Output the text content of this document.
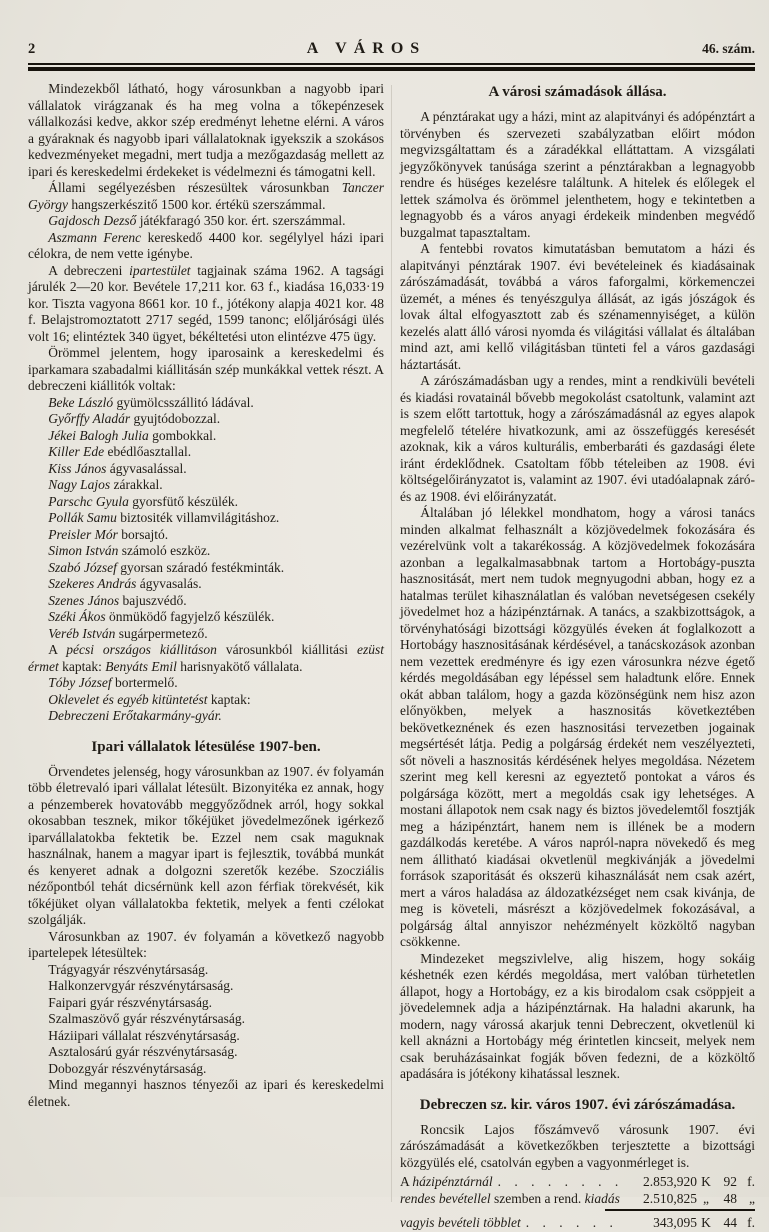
2	A VÁROS	46. szám.

Mindezekből látható, hogy városunkban a nagyobb ipari vállalatok virágzanak és ha meg volna a tőkepénzesek vállalkozási kedve, akkor szép eredményt lehetne elérni. A város a gyáraknak és nagyobb ipari vállalatoknak igyekszik a szokásos kedvezményeket megadni, mert tudja a mezőgazdaság mellett az ipari és kereskedelmi érdekeket is védelmezni és támogatni kell.

Állami segélyezésben részesültek városunkban Tanczer György hangszerkészitő 1500 kor. értékü szerszámmal.

Gajdosch Dezső játékfaragó 350 kor. ért. szerszámmal.

Aszmann Ferenc kereskedő 4400 kor. segélylyel házi ipari célokra, de nem vette igénybe.

A debreczeni ipartestület tagjainak száma 1962. A tagsági járulék 2—20 kor. Bevétele 17,211 kor. 63 f., kiadása 16,033·19 kor. Tiszta vagyona 8661 kor. 10 f., jótékony alapja 4021 kor. 48 f. Belajstromoztatott 2717 segéd, 1599 tanonc; előljárósági ülés volt 16; elintéztek 340 ügyet, békéltetési uton elintézve 475 ügy.

Örömmel jelentem, hogy iparosaink a kereskedelmi és iparkamara szabadalmi kiállitásán szép munkákkal vettek részt. A debreczeni kiállitók voltak:

Beke László gyümölcsszállitó ládával.
Győrffy Aladár gyujtódobozzal.
Jékei Balogh Julia gombokkal.
Killer Ede ebédlőasztallal.
Kiss János ágyvasalással.
Nagy Lajos zárakkal.
Parschc Gyula gyorsfütő készülék.
Pollák Samu biztositék villamvilágitáshoz.
Preisler Mór borsajtó.
Simon István számoló eszköz.
Szabó József gyorsan száradó festékminták.
Szekeres András ágyvasalás.
Szenes János bajuszvédő.
Széki Ákos önmüködő fagyjelző készülék.
Veréb István sugárpermetező.

A pécsi országos kiállitáson városunkból kiállitási ezüst érmet kaptak: Benyáts Emil harisnyakötő vállalata.

Tóby József bortermelő.

Oklevelet és egyéb kitüntetést kaptak:

Debreczeni Erőtakarmány-gyár.

Ipari vállalatok létesülése 1907-ben.

Örvendetes jelenség, hogy városunkban az 1907. év folyamán több életrevaló ipari vállalat létesült. Bizonyitéka ez annak, hogy a pénzemberek hovatovább meggyőződnek arról, hogy sokkal okosabban tesznek, mikor tőkéjüket jövedelmezőnek igérkező iparvállalatokba fektetik be. Ezzel nem csak maguknak használnak, hanem a magyar ipart is fejlesztik, továbbá munkát és kenyeret adnak a dolgozni szeretők kezébe. Szocziális nézőpontból tehát dicsérnünk kell azon férfiak törekvését, kik tőkéjüket olyan vállalatokba fektetik, melyek a fenti czélokat szolgálják.

Városunkban az 1907. év folyamán a következő nagyobb ipartelepek létesültek:

Trágyagyár részvénytársaság.
Halkonzervgyár részvénytársaság.
Faipari gyár részvénytársaság.
Szalmaszövő gyár részvénytársaság.
Háziipari vállalat részvénytársaság.
Asztalosárú gyár részvénytársaság.
Dobozgyár részvénytársaság.

Mind megannyi hasznos tényezői az ipari és kereskedelmi életnek.

A városi számadások állása.

A pénztárakat ugy a házi, mint az alapitványi és adópénztárt a törvényben és szervezeti szabályzatban előirt módon megvizsgáltattam és a záradékkal elláttattam. A vizsgálati jegyzőkönyvek tanúsága szerint a pénztárakban a legnagyobb rendre és hüséges kezelésre találtunk. A hitelek és előlegek el lettek számolva és örömmel jelenthetem, hogy e tekintetben a legnagyobb és a város anyagi érdekeik mindenben megvédő buzgalmat tapasztaltam.

A fentebbi rovatos kimutatásban bemutatom a házi és alapitványi pénztárak 1907. évi bevételeinek és kiadásainak zárószámadását, továbbá a város faforgalmi, körkemenczei üzemét, a ménes és tenyészgulya állását, az igás jószágok és lovak által elfogyasztott zab és szénamennyiséget, a külön kezelés alatt álló városi nyomda és világitási vállalat és általában mind azt, ami kellő világitásban tünteti fel a város gazdasági háztartását.

A zárószámadásban ugy a rendes, mint a rendkivüli bevételi és kiadási rovatainál bővebb megokolást csatoltunk, valamint azt is szem előtt tartottuk, hogy a zárószámadásnál az egyes alapok megfelelő tételére hivatkozunk, ami az összefüggés keresését azoknak, kik a város kulturális, emberbaráti és gazdasági élete iránt érdeklődnek. Csatoltam főbb tételeiben az 1908. évi költségelőirányzatot is, valamint az 1907. évi utadóalapnak záró- és az 1908. évi előirányzatát.

Általában jó lélekkel mondhatom, hogy a városi tanács minden alkalmat felhasznált a közjövedelmek fokozására és vezérelvünk volt a takarékosság. A közjövedelmek fokozására azonban a legalkalmasabbnak tartom a Hortobágy-puszta hasznositását, mert nem tudok megnyugodni abban, hogy ez a hatalmas terület kihasználatlan és valóban nevetségesen csekély jövedelmet hoz a házipénztárnak. A tanács, a szakbizottságok, a törvényhatósági bizottsági közgyülés éveken át foglalkozott a Hortobágy hasznositásának kérdésével, a tanácskozások azonban nem vezettek eredményre és igy ezen városunkra nézve égető kérdés megoldásában egy lépéssel sem haladtunk előre. Ennek okát abban találom, hogy a gazda közönségünk nem hisz azon előnyökben, melyek a hasznositás következtében bekövetkeznének és ezen hasznositási tervezetben jogainak megsértését látja. Pedig a polgárság érdekét nem veszélyezteti, sőt növeli a hasznositás kérdésének helyes megoldása. Nézetem szerint meg kell keresni az egyeztető pontokat a város és polgársága között, mert a megoldás csak igy lehetséges. A mostani állapotok nem csak nagy és biztos jövedelemtől fosztják meg a házipénztárt, hanem nem is illének be a modern gazdálkodás keretébe. A város napról-napra növekedő és meg nem állitható kiadásai okvetlenül megkivánják a jövedelmi források szaporitását és okszerü kihasználását nem csak azért, mert a város haladása az áldozatkézséget nem csak kivánja, de meg is követeli, másrészt a közjövedelmek fokozásával, a polgárság által annyiszor nehézményelt közköltő nagyban csökkenne.

Mindezeket megszivlelve, alig hiszem, hogy sokáig késhetnék ezen kérdés megoldása, mert valóban türhetetlen állapot, hogy a Hortobágy, ez a kis birodalom csak csöppjeit a jövedelemnek adja a házipénztárnak. Ha haladni akarunk, ha modern, nagy várossá akarjuk tenni Debreczent, okvetlenül ki kell aknázni a Hortobágy még érintetlen kincseit, melyek nem csak beruházásainkat fogják bőven fedezni, de a közköltő apadására is jótékony kihatással lesznek.

Debreczen sz. kir. város 1907. évi zárószámadása.

Roncsik Lajos főszámvevő városunk 1907. évi zárószámadását a következőkben terjesztette a bizottsági közgyülés elé, csatolván egyben a vagyonmérleget is.

A házipénztárnál . . . . . . . .	2.853,920 K 92 f.
rendes bevétellel szemben a rend. kiadás	2.510,825 „	48 „
vagyis bevételi többlet . . . . . .	343,095 K 44 f.
